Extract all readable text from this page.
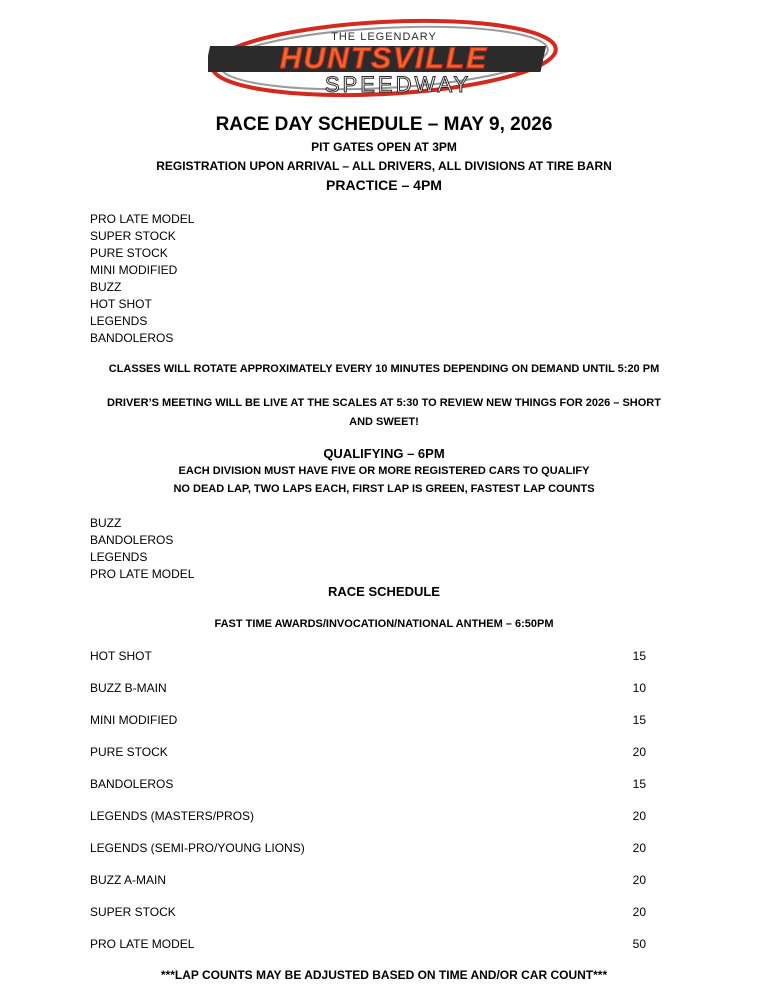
THE LEGENDARY
HUNTSVILLE
SPEEDWAY
RACE DAY SCHEDULE – MAY 9, 2026
PIT GATES OPEN AT 3PM
REGISTRATION UPON ARRIVAL – ALL DRIVERS, ALL DIVISIONS AT TIRE BARN
PRACTICE – 4PM
PRO LATE MODEL
SUPER STOCK
PURE STOCK
MINI MODIFIED
BUZZ
HOT SHOT
LEGENDS
BANDOLEROS
CLASSES WILL ROTATE APPROXIMATELY EVERY 10 MINUTES DEPENDING ON DEMAND UNTIL 5:20 PM
DRIVER’S MEETING WILL BE LIVE AT THE SCALES AT 5:30 TO REVIEW NEW THINGS FOR 2026 – SHORT
AND SWEET!
QUALIFYING – 6PM
EACH DIVISION MUST HAVE FIVE OR MORE REGISTERED CARS TO QUALIFY
NO DEAD LAP, TWO LAPS EACH, FIRST LAP IS GREEN, FASTEST LAP COUNTS
BUZZ
BANDOLEROS
LEGENDS
PRO LATE MODEL
RACE SCHEDULE
FAST TIME AWARDS/INVOCATION/NATIONAL ANTHEM – 6:50PM
HOT SHOT	15
BUZZ B-MAIN	10
MINI MODIFIED	15
PURE STOCK	20
BANDOLEROS	15
LEGENDS (MASTERS/PROS)	20
LEGENDS (SEMI-PRO/YOUNG LIONS)	20
BUZZ A-MAIN	20
SUPER STOCK	20
PRO LATE MODEL	50
***LAP COUNTS MAY BE ADJUSTED BASED ON TIME AND/OR CAR COUNT***
